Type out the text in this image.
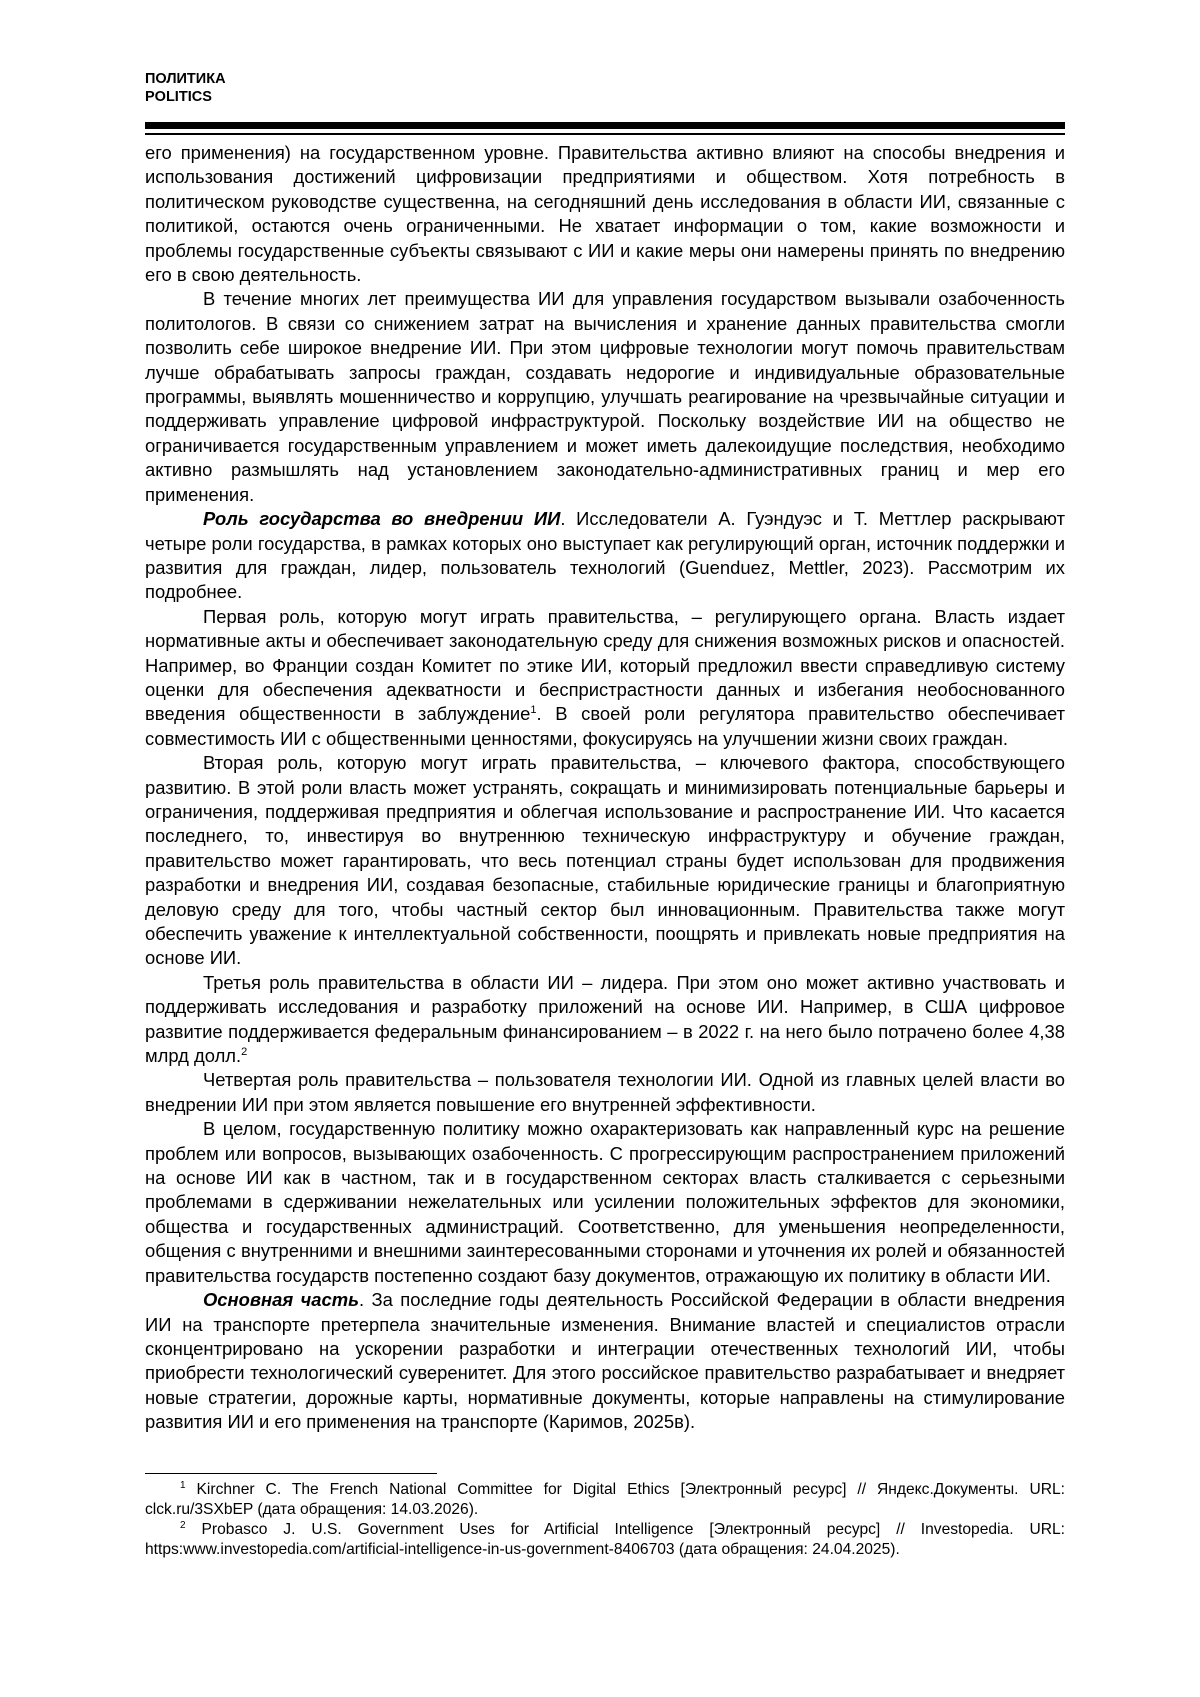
ПОЛИТИКА
POLITICS

его применения) на государственном уровне. Правительства активно влияют на способы внедрения и использования достижений цифровизации предприятиями и обществом. Хотя потребность в политическом руководстве существенна, на сегодняшний день исследования в области ИИ, связанные с политикой, остаются очень ограниченными. Не хватает информации о том, какие возможности и проблемы государственные субъекты связывают с ИИ и какие меры они намерены принять по внедрению его в свою деятельность.

В течение многих лет преимущества ИИ для управления государством вызывали озабоченность политологов. В связи со снижением затрат на вычисления и хранение данных правительства смогли позволить себе широкое внедрение ИИ. При этом цифровые технологии могут помочь правительствам лучше обрабатывать запросы граждан, создавать недорогие и индивидуальные образовательные программы, выявлять мошенничество и коррупцию, улучшать реагирование на чрезвычайные ситуации и поддерживать управление цифровой инфраструктурой. Поскольку воздействие ИИ на общество не ограничивается государственным управлением и может иметь далекоидущие последствия, необходимо активно размышлять над установлением законодательно-административных границ и мер его применения.

Роль государства во внедрении ИИ. Исследователи А. Гуэндуэс и Т. Меттлер раскрывают четыре роли государства, в рамках которых оно выступает как регулирующий орган, источник поддержки и развития для граждан, лидер, пользователь технологий (Guenduez, Mettler, 2023). Рассмотрим их подробнее.

Первая роль, которую могут играть правительства, – регулирующего органа. Власть издает нормативные акты и обеспечивает законодательную среду для снижения возможных рисков и опасностей. Например, во Франции создан Комитет по этике ИИ, который предложил ввести справедливую систему оценки для обеспечения адекватности и беспристрастности данных и избегания необоснованного введения общественности в заблуждение$^1$. В своей роли регулятора правительство обеспечивает совместимость ИИ с общественными ценностями, фокусируясь на улучшении жизни своих граждан.

Вторая роль, которую могут играть правительства, – ключевого фактора, способствующего развитию. В этой роли власть может устранять, сокращать и минимизировать потенциальные барьеры и ограничения, поддерживая предприятия и облегчая использование и распространение ИИ. Что касается последнего, то, инвестируя во внутреннюю техническую инфраструктуру и обучение граждан, правительство может гарантировать, что весь потенциал страны будет использован для продвижения разработки и внедрения ИИ, создавая безопасные, стабильные юридические границы и благоприятную деловую среду для того, чтобы частный сектор был инновационным. Правительства также могут обеспечить уважение к интеллектуальной собственности, поощрять и привлекать новые предприятия на основе ИИ.

Третья роль правительства в области ИИ – лидера. При этом оно может активно участвовать и поддерживать исследования и разработку приложений на основе ИИ. Например, в США цифровое развитие поддерживается федеральным финансированием – в 2022 г. на него было потрачено более 4,38 млрд долл.$^2$

Четвертая роль правительства – пользователя технологии ИИ. Одной из главных целей власти во внедрении ИИ при этом является повышение его внутренней эффективности.

В целом, государственную политику можно охарактеризовать как направленный курс на решение проблем или вопросов, вызывающих озабоченность. С прогрессирующим распространением приложений на основе ИИ как в частном, так и в государственном секторах власть сталкивается с серьезными проблемами в сдерживании нежелательных или усилении положительных эффектов для экономики, общества и государственных администраций. Соответственно, для уменьшения неопределенности, общения с внутренними и внешними заинтересованными сторонами и уточнения их ролей и обязанностей правительства государств постепенно создают базу документов, отражающую их политику в области ИИ.

Основная часть. За последние годы деятельность Российской Федерации в области внедрения ИИ на транспорте претерпела значительные изменения. Внимание властей и специалистов отрасли сконцентрировано на ускорении разработки и интеграции отечественных технологий ИИ, чтобы приобрести технологический суверенитет. Для этого российское правительство разрабатывает и внедряет новые стратегии, дорожные карты, нормативные документы, которые направлены на стимулирование развития ИИ и его применения на транспорте (Каримов, 2025в).

$^1$ Kirchner C. The French National Committee for Digital Ethics [Электронный ресурс] // Яндекс.Документы. URL: clck.ru/3SXbEP (дата обращения: 14.03.2026).

$^2$ Probasco J. U.S. Government Uses for Artificial Intelligence [Электронный ресурс] // Investopedia. URL: https:www.investopedia.com/artificial-intelligence-in-us-government-8406703 (дата обращения: 24.04.2025).
